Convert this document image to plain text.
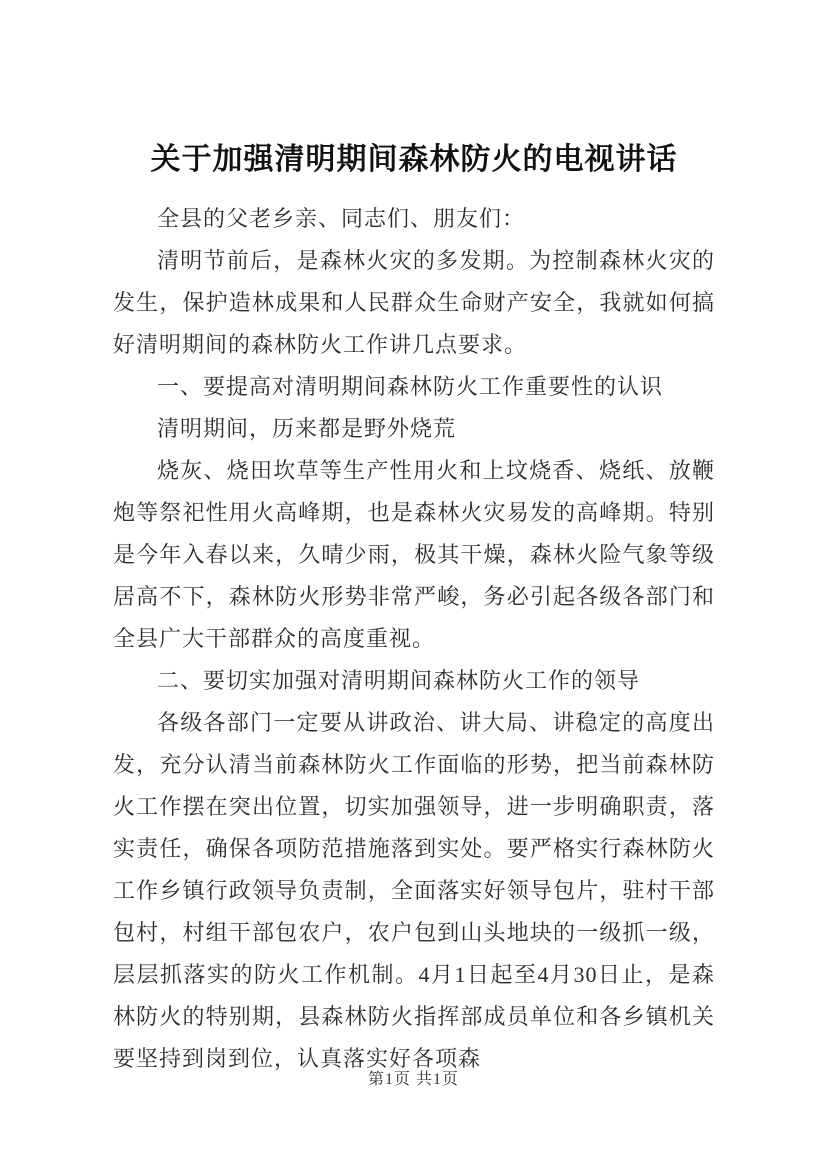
关于加强清明期间森林防火的电视讲话

全县的父老乡亲、同志们、朋友们：

清明节前后，是森林火灾的多发期。为控制森林火灾的发生，保护造林成果和人民群众生命财产安全，我就如何搞好清明期间的森林防火工作讲几点要求。

一、要提高对清明期间森林防火工作重要性的认识

清明期间，历来都是野外烧荒

烧灰、烧田坎草等生产性用火和上坟烧香、烧纸、放鞭炮等祭祀性用火高峰期，也是森林火灾易发的高峰期。特别是今年入春以来，久晴少雨，极其干燥，森林火险气象等级居高不下，森林防火形势非常严峻，务必引起各级各部门和全县广大干部群众的高度重视。

二、要切实加强对清明期间森林防火工作的领导

各级各部门一定要从讲政治、讲大局、讲稳定的高度出发，充分认清当前森林防火工作面临的形势，把当前森林防火工作摆在突出位置，切实加强领导，进一步明确职责，落实责任，确保各项防范措施落到实处。要严格实行森林防火工作乡镇行政领导负责制，全面落实好领导包片，驻村干部包村，村组干部包农户，农户包到山头地块的一级抓一级，层层抓落实的防火工作机制。4月1日起至4月30日止，是森林防火的特别期，县森林防火指挥部成员单位和各乡镇机关要坚持到岗到位，认真落实好各项森

第1页 共1页
